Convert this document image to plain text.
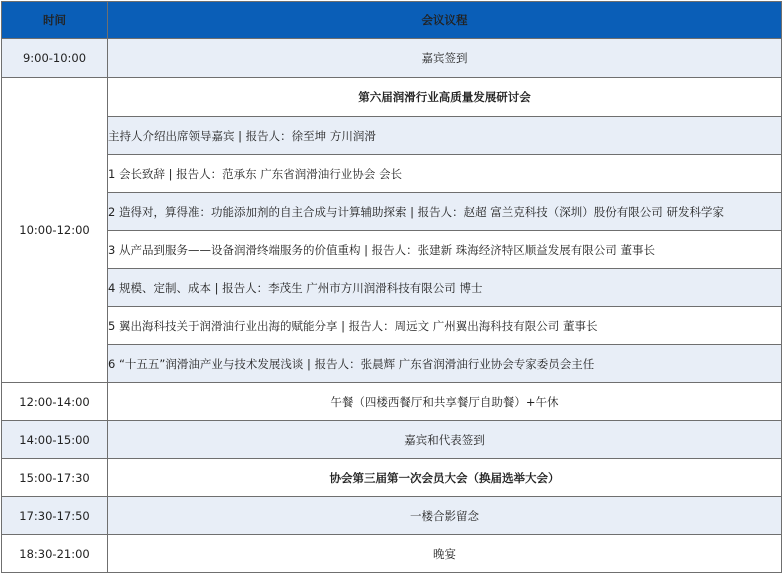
时间	会议议程
9:00-10:00	嘉宾签到
10:00-12:00	第六届润滑行业高质量发展研讨会
	主持人介绍出席领导嘉宾 | 报告人：徐至坤 方川润滑
	1 会长致辞 | 报告人：范承东 广东省润滑油行业协会 会长
	2 造得对，算得准：功能添加剂的自主合成与计算辅助探索 | 报告人：赵超 富兰克科技（深圳）股份有限公司 研发科学家
	3 从产品到服务——设备润滑终端服务的价值重构 | 报告人：张建新 珠海经济特区顺益发展有限公司 董事长
	4 规模、定制、成本 | 报告人：李茂生 广州市方川润滑科技有限公司 博士
	5 翼出海科技关于润滑油行业出海的赋能分享 | 报告人：周远文 广州翼出海科技有限公司 董事长
	6 “十五五”润滑油产业与技术发展浅谈 | 报告人：张晨辉 广东省润滑油行业协会专家委员会主任
12:00-14:00	午餐（四楼西餐厅和共享餐厅自助餐）+午休
14:00-15:00	嘉宾和代表签到
15:00-17:30	协会第三届第一次会员大会（换届选举大会）
17:30-17:50	一楼合影留念
18:30-21:00	晚宴
